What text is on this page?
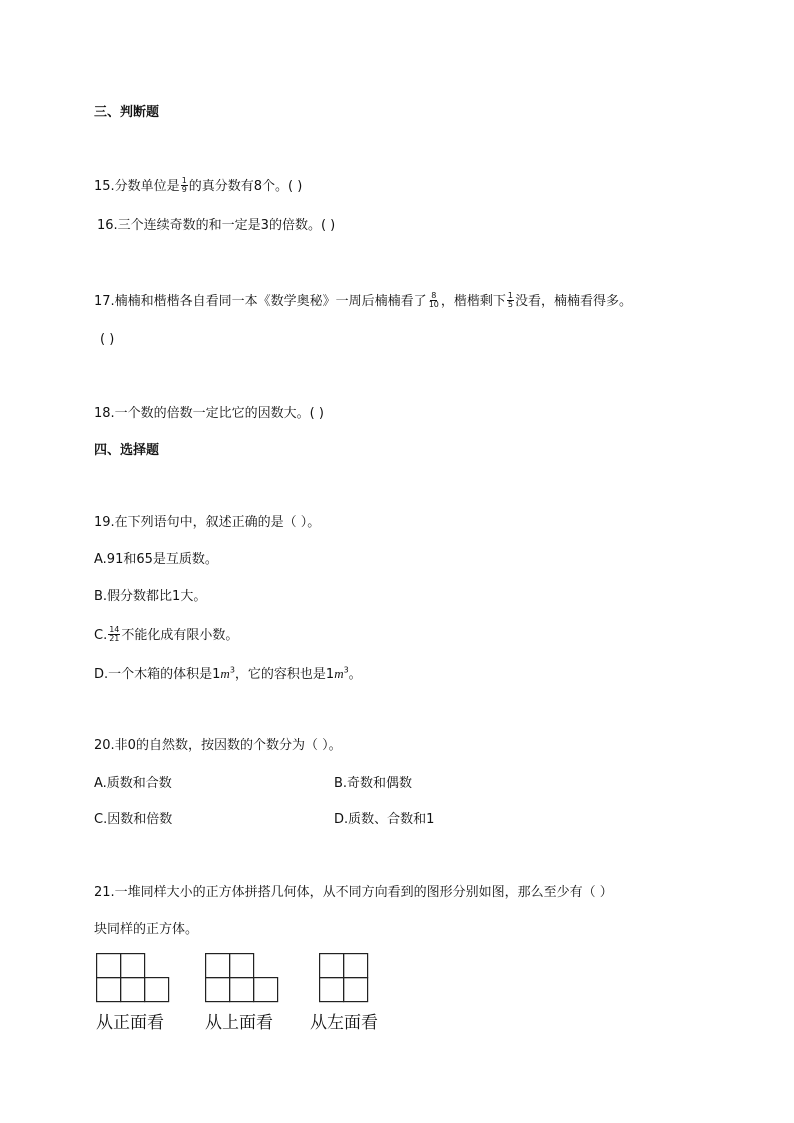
三、判断题
15.分数单位是 $\frac{1}{9}$ 的真分数有8个。( )
16.三个连续奇数的和一定是3的倍数。( )
17.楠楠和楷楷各自看同一本《数学奥秘》一周后楠楠看了 $\frac{8}{10}$ ，楷楷剩下 $\frac{1}{5}$ 没看，楠楠看得多。
( )
18.一个数的倍数一定比它的因数大。( )
四、选择题
19.在下列语句中，叙述正确的是（ ）。
A.91和65是互质数。
B.假分数都比1大。
C. $\frac{14}{21}$ 不能化成有限小数。
D.一个木箱的体积是$1m^3$，它的容积也是$1m^3$。
20.非0的自然数，按因数的个数分为（ ）。
A.质数和合数	B.奇数和偶数
C.因数和倍数	D.质数、合数和1
21.一堆同样大小的正方体拼搭几何体，从不同方向看到的图形分别如图，那么至少有（ ）
块同样的正方体。
从正面看 从上面看 从左面看
